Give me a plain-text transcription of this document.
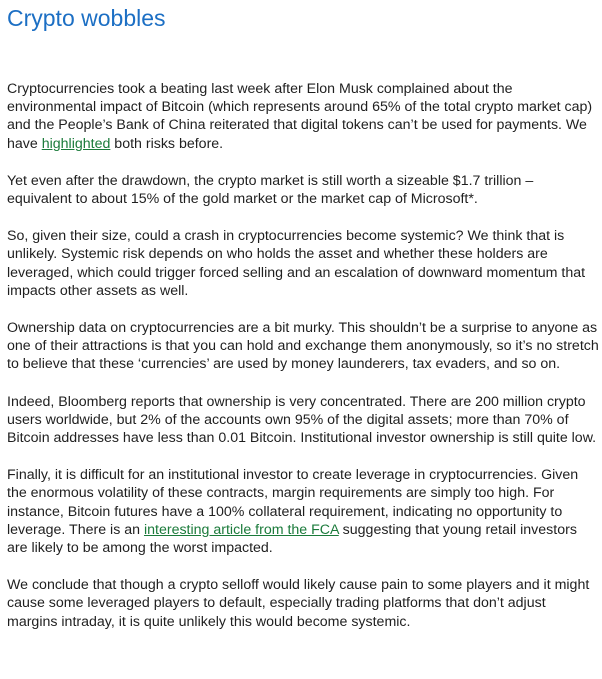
Crypto wobbles

Cryptocurrencies took a beating last week after Elon Musk complained about the environmental impact of Bitcoin (which represents around 65% of the total crypto market cap) and the People’s Bank of China reiterated that digital tokens can’t be used for payments. We have highlighted both risks before.

Yet even after the drawdown, the crypto market is still worth a sizeable $1.7 trillion – equivalent to about 15% of the gold market or the market cap of Microsoft*.

So, given their size, could a crash in cryptocurrencies become systemic? We think that is unlikely. Systemic risk depends on who holds the asset and whether these holders are leveraged, which could trigger forced selling and an escalation of downward momentum that impacts other assets as well.

Ownership data on cryptocurrencies are a bit murky. This shouldn’t be a surprise to anyone as one of their attractions is that you can hold and exchange them anonymously, so it’s no stretch to believe that these ‘currencies’ are used by money launderers, tax evaders, and so on.

Indeed, Bloomberg reports that ownership is very concentrated. There are 200 million crypto users worldwide, but 2% of the accounts own 95% of the digital assets; more than 70% of Bitcoin addresses have less than 0.01 Bitcoin. Institutional investor ownership is still quite low.

Finally, it is difficult for an institutional investor to create leverage in cryptocurrencies. Given the enormous volatility of these contracts, margin requirements are simply too high. For instance, Bitcoin futures have a 100% collateral requirement, indicating no opportunity to leverage. There is an interesting article from the FCA suggesting that young retail investors are likely to be among the worst impacted.

We conclude that though a crypto selloff would likely cause pain to some players and it might cause some leveraged players to default, especially trading platforms that don’t adjust margins intraday, it is quite unlikely this would become systemic.
